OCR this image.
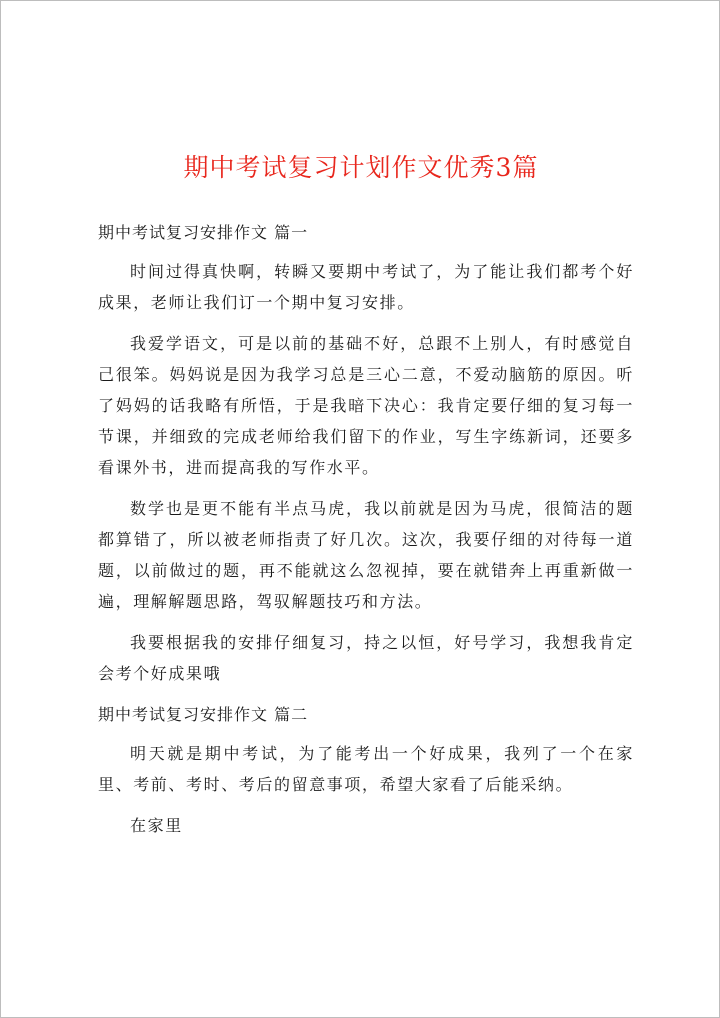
期中考试复习计划作文优秀3篇

期中考试复习安排作文 篇一

时间过得真快啊，转瞬又要期中考试了，为了能让我们都考个好成果，老师让我们订一个期中复习安排。

我爱学语文，可是以前的基础不好，总跟不上别人，有时感觉自己很笨。妈妈说是因为我学习总是三心二意，不爱动脑筋的原因。听了妈妈的话我略有所悟，于是我暗下决心：我肯定要仔细的复习每一节课，并细致的完成老师给我们留下的作业，写生字练新词，还要多看课外书，进而提高我的写作水平。

数学也是更不能有半点马虎，我以前就是因为马虎，很简洁的题都算错了，所以被老师指责了好几次。这次，我要仔细的对待每一道题，以前做过的题，再不能就这么忽视掉，要在就错奔上再重新做一遍，理解解题思路，驾驭解题技巧和方法。

我要根据我的安排仔细复习，持之以恒，好号学习，我想我肯定会考个好成果哦

期中考试复习安排作文 篇二

明天就是期中考试，为了能考出一个好成果，我列了一个在家里、考前、考时、考后的留意事项，希望大家看了后能采纳。

在家里
